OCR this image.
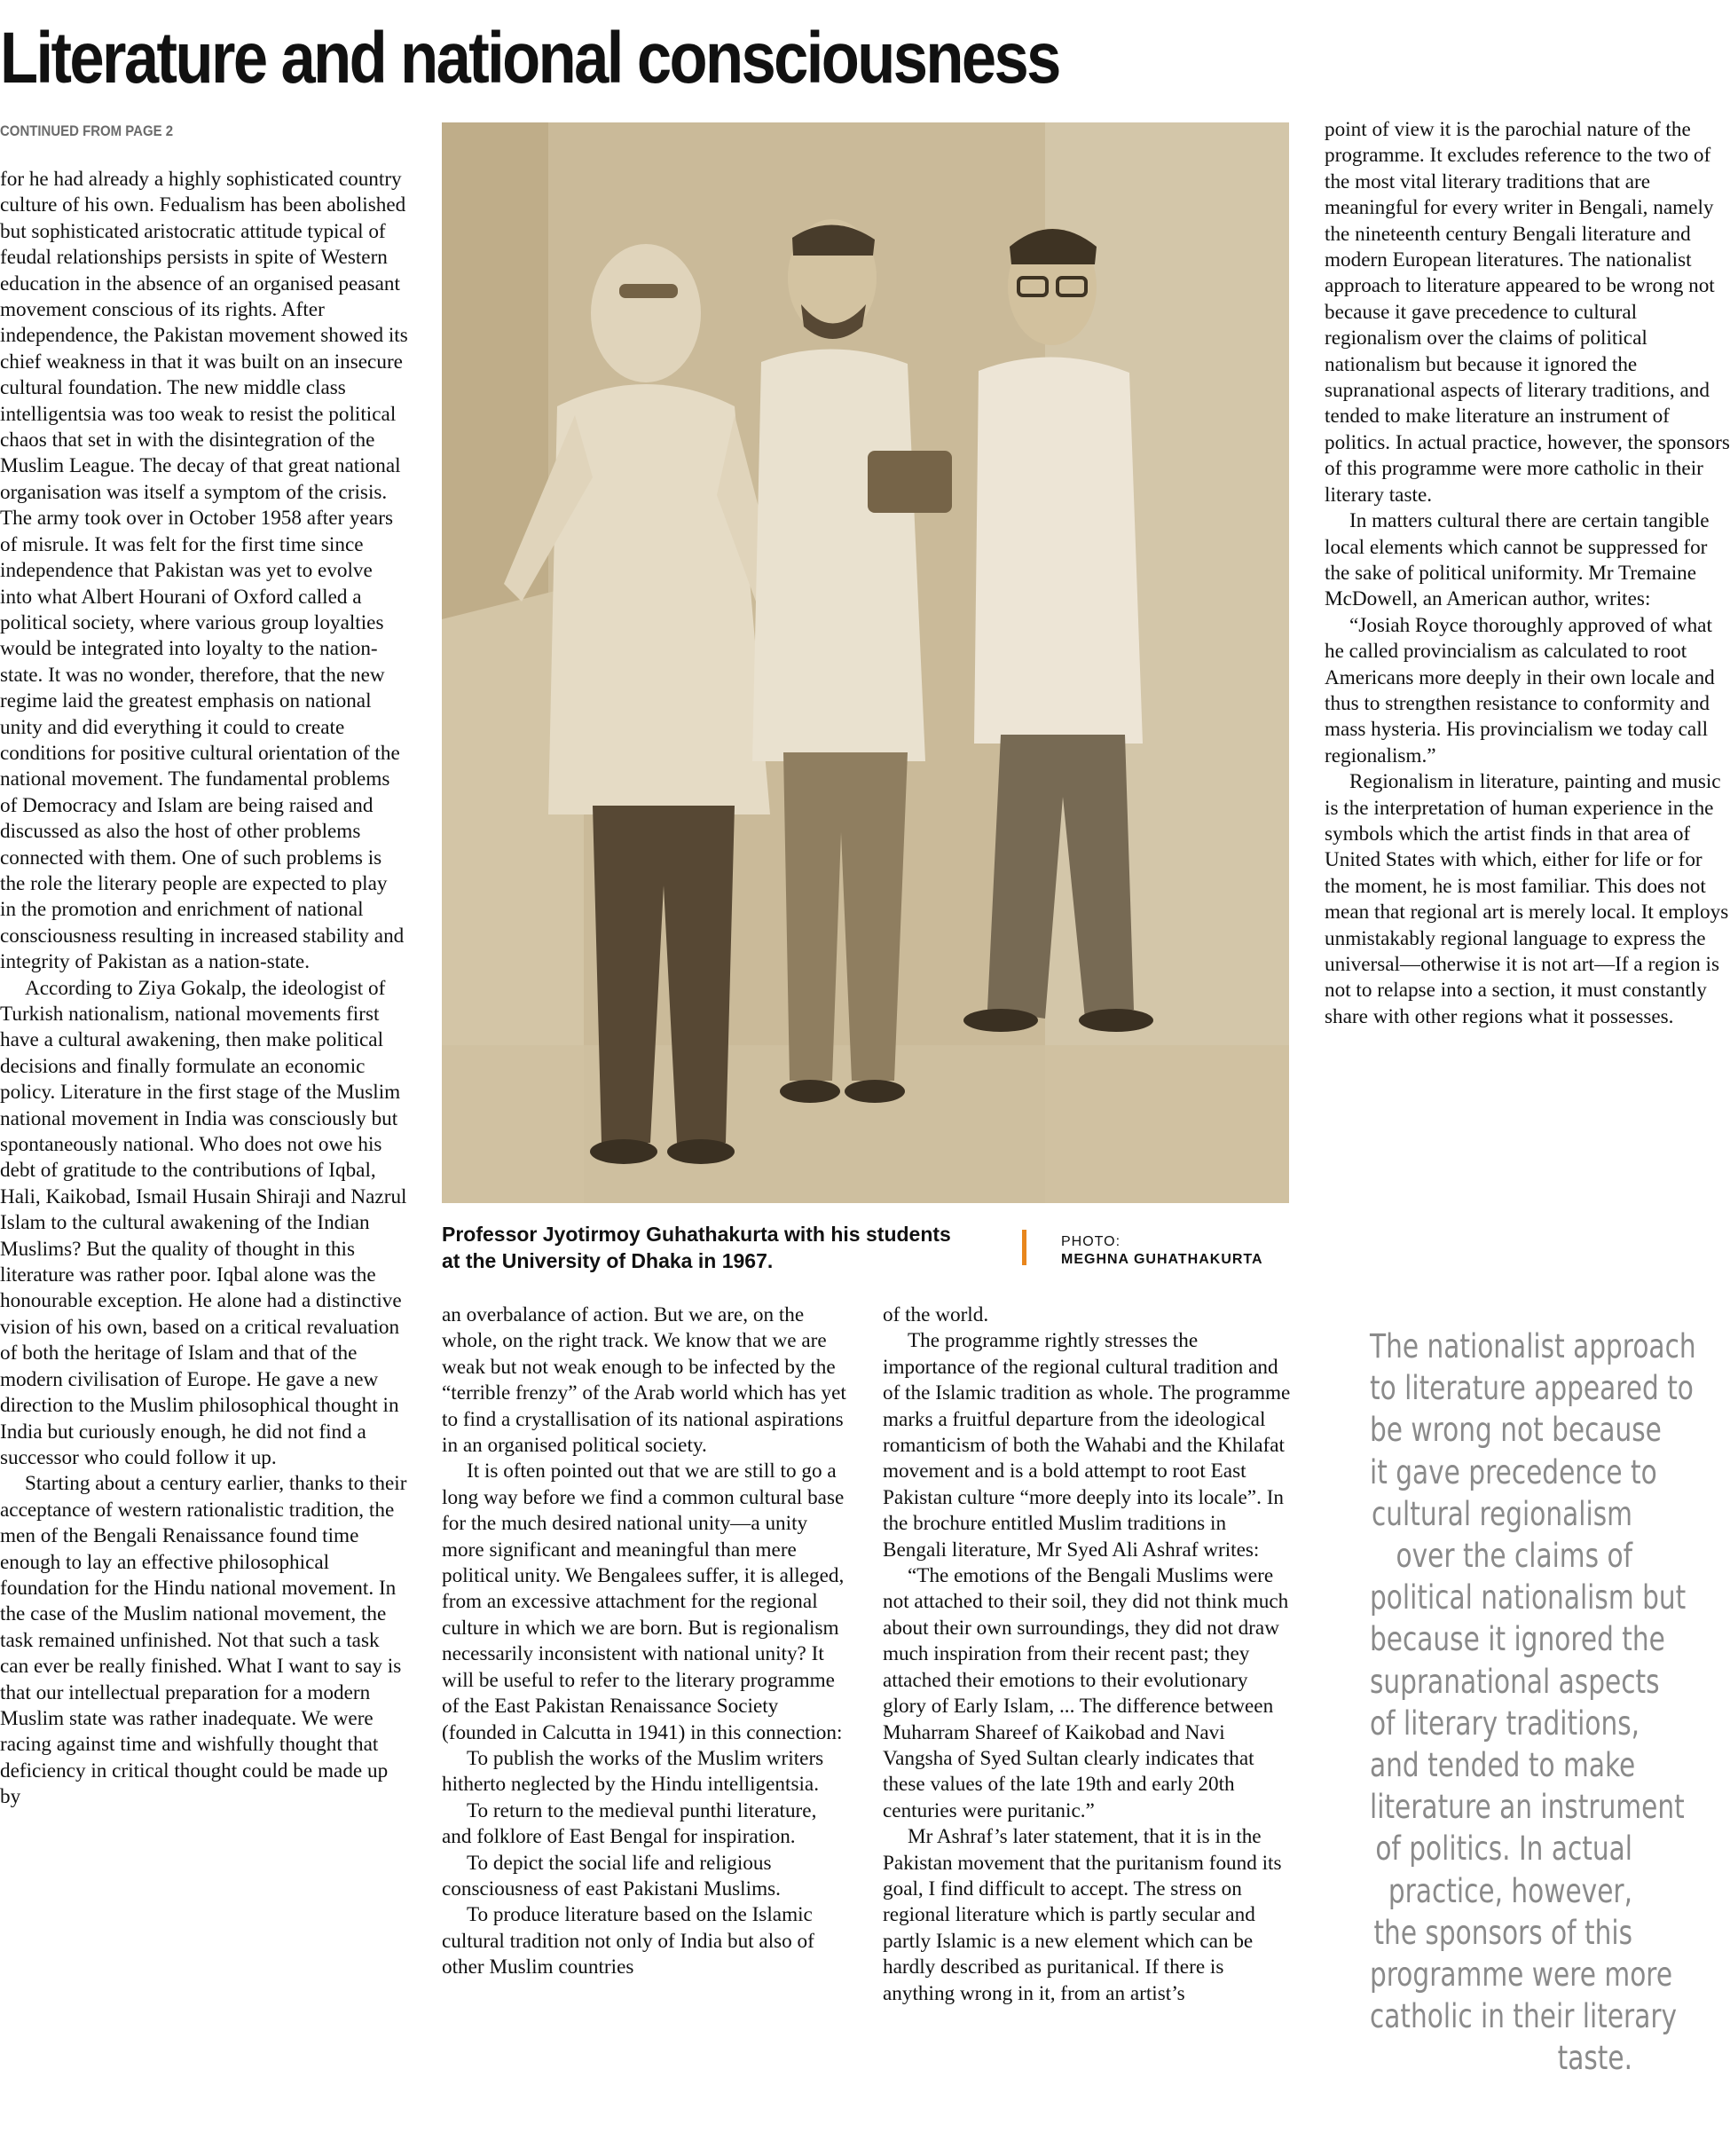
Literature and national consciousness
CONTINUED FROM PAGE 2

for he had already a highly sophisticated country culture of his own. Fedualism has been abolished but sophisticated aristocratic attitude typical of feudal relationships persists in spite of Western education in the absence of an organised peasant movement conscious of its rights. After independence, the Pakistan movement showed its chief weakness in that it was built on an insecure cultural foundation. The new middle class intelligentsia was too weak to resist the political chaos that set in with the disintegration of the Muslim League. The decay of that great national organisation was itself a symptom of the crisis. The army took over in October 1958 after years of misrule. It was felt for the first time since independence that Pakistan was yet to evolve into what Albert Hourani of Oxford called a political society, where various group loyalties would be integrated into loyalty to the nation-state. It was no wonder, therefore, that the new regime laid the greatest emphasis on national unity and did everything it could to create conditions for positive cultural orientation of the national movement. The fundamental problems of Democracy and Islam are being raised and discussed as also the host of other problems connected with them. One of such problems is the role the literary people are expected to play in the promotion and enrichment of national consciousness resulting in increased stability and integrity of Pakistan as a nation-state.

According to Ziya Gokalp, the ideologist of Turkish nationalism, national movements first have a cultural awakening, then make political decisions and finally formulate an economic policy. Literature in the first stage of the Muslim national movement in India was consciously but spontaneously national. Who does not owe his debt of gratitude to the contributions of Iqbal, Hali, Kaikobad, Ismail Husain Shiraji and Nazrul Islam to the cultural awakening of the Indian Muslims? But the quality of thought in this literature was rather poor. Iqbal alone was the honourable exception. He alone had a distinctive vision of his own, based on a critical revaluation of both the heritage of Islam and that of the modern civilisation of Europe. He gave a new direction to the Muslim philosophical thought in India but curiously enough, he did not find a successor who could follow it up.

Starting about a century earlier, thanks to their acceptance of western rationalistic tradition, the men of the Bengali Renaissance found time enough to lay an effective philosophical foundation for the Hindu national movement. In the case of the Muslim national movement, the task remained unfinished. Not that such a task can ever be really finished. What I want to say is that our intellectual preparation for a modern Muslim state was rather inadequate. We were racing against time and wishfully thought that deficiency in critical thought could be made up by

Professor Jyotirmoy Guhathakurta with his students
at the University of Dhaka in 1967.
PHOTO:
MEGHNA GUHATHAKURTA

an overbalance of action. But we are, on the whole, on the right track. We know that we are weak but not weak enough to be infected by the “terrible frenzy” of the Arab world which has yet to find a crystallisation of its national aspirations in an organised political society.

It is often pointed out that we are still to go a long way before we find a common cultural base for the much desired national unity—a unity more significant and meaningful than mere political unity. We Bengalees suffer, it is alleged, from an excessive attachment for the regional culture in which we are born. But is regionalism necessarily inconsistent with national unity? It will be useful to refer to the literary programme of the East Pakistan Renaissance Society (founded in Calcutta in 1941) in this connection:

To publish the works of the Muslim writers hitherto neglected by the Hindu intelligentsia.

To return to the medieval punthi literature, and folklore of East Bengal for inspiration.

To depict the social life and religious consciousness of east Pakistani Muslims.

To produce literature based on the Islamic cultural tradition not only of India but also of other Muslim countries

of the world.

The programme rightly stresses the importance of the regional cultural tradition and of the Islamic tradition as whole. The programme marks a fruitful departure from the ideological romanticism of both the Wahabi and the Khilafat movement and is a bold attempt to root East Pakistan culture “more deeply into its locale”. In the brochure entitled Muslim traditions in Bengali literature, Mr Syed Ali Ashraf writes:

“The emotions of the Bengali Muslims were not attached to their soil, they did not think much about their own surroundings, they did not draw much inspiration from their recent past; they attached their emotions to their evolutionary glory of Early Islam, ... The difference between Muharram Shareef of Kaikobad and Navi Vangsha of Syed Sultan clearly indicates that these values of the late 19th and early 20th centuries were puritanic.”

Mr Ashraf’s later statement, that it is in the Pakistan movement that the puritanism found its goal, I find difficult to accept. The stress on regional literature which is partly secular and partly Islamic is a new element which can be hardly described as puritanical. If there is anything wrong in it, from an artist’s

point of view it is the parochial nature of the programme. It excludes reference to the two of the most vital literary traditions that are meaningful for every writer in Bengali, namely the nineteenth century Bengali literature and modern European literatures. The nationalist approach to literature appeared to be wrong not because it gave precedence to cultural regionalism over the claims of political nationalism but because it ignored the supranational aspects of literary traditions, and tended to make literature an instrument of politics. In actual practice, however, the sponsors of this programme were more catholic in their literary taste.

In matters cultural there are certain tangible local elements which cannot be suppressed for the sake of political uniformity. Mr Tremaine McDowell, an American author, writes:

“Josiah Royce thoroughly approved of what he called provincialism as calculated to root Americans more deeply in their own locale and thus to strengthen resistance to conformity and mass hysteria. His provincialism we today call regionalism.”

Regionalism in literature, painting and music is the interpretation of human experience in the symbols which the artist finds in that area of United States with which, either for life or for the moment, he is most familiar. This does not mean that regional art is merely local. It employs unmistakably regional language to express the universal—otherwise it is not art—If a region is not to relapse into a section, it must constantly share with other regions what it possesses.

The nationalist approach
to literature appeared to
be wrong not because
it gave precedence to
cultural regionalism
over the claims of
political nationalism but
because it ignored the
supranational aspects
of literary traditions,
and tended to make
literature an instrument
of politics. In actual
practice, however,
the sponsors of this
programme were more
catholic in their literary
taste.
